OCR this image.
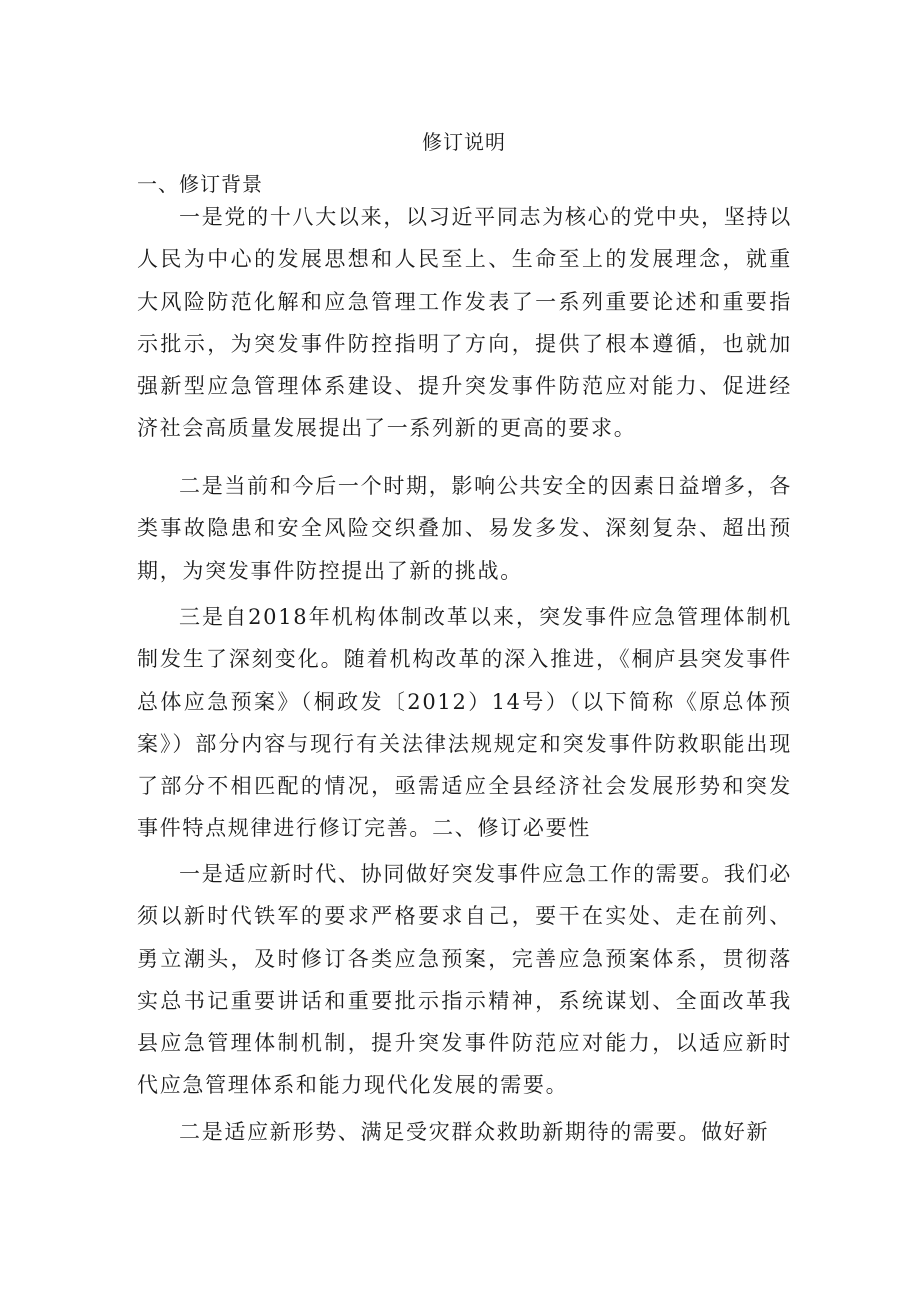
修订说明
一、修订背景

一是党的十八大以来，以习近平同志为核心的党中央，坚持以人民为中心的发展思想和人民至上、生命至上的发展理念，就重大风险防范化解和应急管理工作发表了一系列重要论述和重要指示批示，为突发事件防控指明了方向，提供了根本遵循，也就加强新型应急管理体系建设、提升突发事件防范应对能力、促进经济社会高质量发展提出了一系列新的更高的要求。

二是当前和今后一个时期，影响公共安全的因素日益增多，各类事故隐患和安全风险交织叠加、易发多发、深刻复杂、超出预期，为突发事件防控提出了新的挑战。

三是自2018年机构体制改革以来，突发事件应急管理体制机制发生了深刻变化。随着机构改革的深入推进，《桐庐县突发事件总体应急预案》（桐政发〔2012）14号）（以下简称《原总体预案》）部分内容与现行有关法律法规规定和突发事件防救职能出现了部分不相匹配的情况，亟需适应全县经济社会发展形势和突发事件特点规律进行修订完善。二、修订必要性

一是适应新时代、协同做好突发事件应急工作的需要。我们必须以新时代铁军的要求严格要求自己，要干在实处、走在前列、勇立潮头，及时修订各类应急预案，完善应急预案体系，贯彻落实总书记重要讲话和重要批示指示精神，系统谋划、全面改革我县应急管理体制机制，提升突发事件防范应对能力，以适应新时代应急管理体系和能力现代化发展的需要。

二是适应新形势、满足受灾群众救助新期待的需要。做好新
